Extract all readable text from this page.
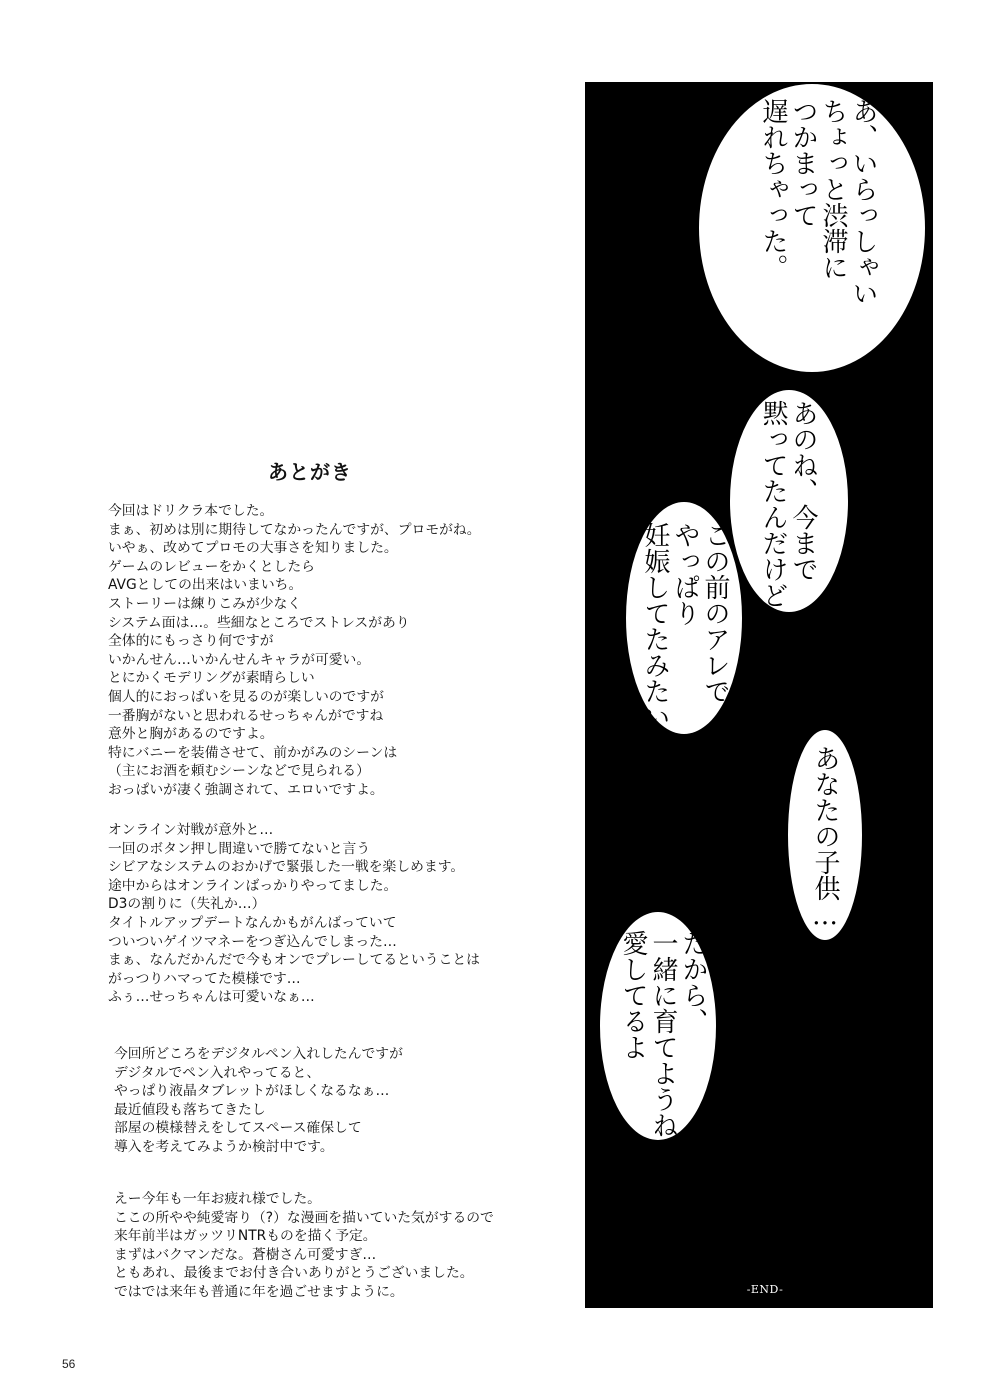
あとがき
今回はドリクラ本でした。
まぁ、初めは別に期待してなかったんですが、プロモがね。
いやぁ、改めてプロモの大事さを知りました。
ゲームのレビューをかくとしたら
AVGとしての出来はいまいち。
ストーリーは練りこみが少なく
システム面は…。些細なところでストレスがあり
全体的にもっさり何ですが
いかんせん…いかんせんキャラが可愛い。
とにかくモデリングが素晴らしい
個人的におっぱいを見るのが楽しいのですが
一番胸がないと思われるせっちゃんがですね
意外と胸があるのですよ。
特にバニーを装備させて、前かがみのシーンは
（主にお酒を頼むシーンなどで見られる）
おっぱいが凄く強調されて、エロいですよ。
オンライン対戦が意外と…
一回のボタン押し間違いで勝てないと言う
シビアなシステムのおかげで緊張した一戦を楽しめます。
途中からはオンラインばっかりやってました。
D3の割りに（失礼か…）
タイトルアップデートなんかもがんばっていて
ついついゲイツマネーをつぎ込んでしまった…
まぁ、なんだかんだで今もオンでプレーしてるということは
がっつりハマってた模様です…
ふぅ…せっちゃんは可愛いなぁ…
今回所どころをデジタルペン入れしたんですが
デジタルでペン入れやってると、
やっぱり液晶タブレットがほしくなるなぁ…
最近値段も落ちてきたし
部屋の模様替えをしてスペース確保して
導入を考えてみようか検討中です。
えー今年も一年お疲れ様でした。
ここの所やや純愛寄り（?）な漫画を描いていた気がするので
来年前半はガッツリNTRものを描く予定。
まずはバクマンだな。蒼樹さん可愛すぎ…
ともあれ、最後までお付き合いありがとうございました。
ではでは来年も普通に年を過ごせますように。
あ、いらっしゃい
ちょっと渋滞に
つかまって
遅れちゃった。
あのね、今まで
黙ってたんだけど
この前のアレで
やっぱり
妊娠してたみたい…
あなたの子供…
だから、
一緒に育てようね…
愛してるよ
-END-
56
